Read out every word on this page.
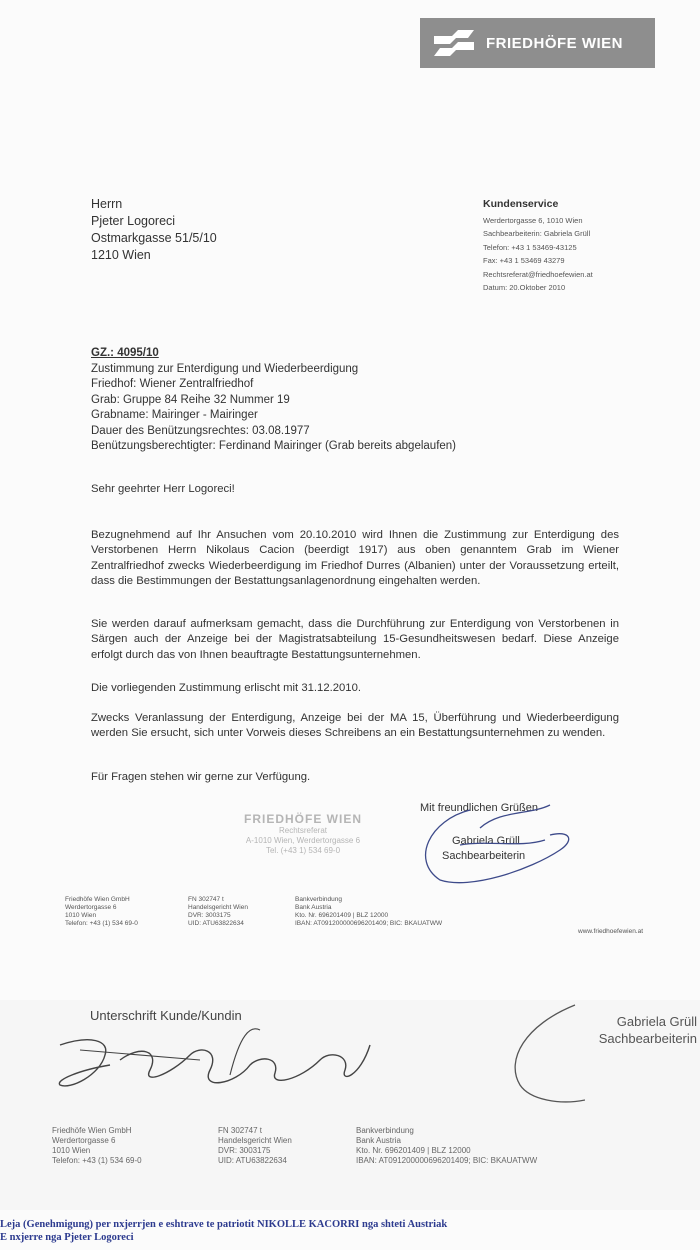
FRIEDHÖFE WIEN
Herrn
Pjeter Logoreci
Ostmarkgasse 51/5/10
1210 Wien
Kundenservice
Werdertorgasse 6, 1010 Wien
Sachbearbeiterin: Gabriela Grüll
Telefon: +43 1 53469-43125
Fax: +43 1 53469 43279
Rechtsreferat@friedhoefewien.at
Datum: 20.Oktober 2010
GZ.: 4095/10
Zustimmung zur Enterdigung und Wiederbeerdigung
Friedhof: Wiener Zentralfriedhof
Grab: Gruppe 84 Reihe 32 Nummer 19
Grabname: Mairinger - Mairinger
Dauer des Benützungsrechtes: 03.08.1977
Benützungsberechtigter: Ferdinand Mairinger (Grab bereits abgelaufen)
Sehr geehrter Herr Logoreci!
Bezugnehmend auf Ihr Ansuchen vom 20.10.2010 wird Ihnen die Zustimmung zur Enterdigung des Verstorbenen Herrn Nikolaus Cacion (beerdigt 1917) aus oben genanntem Grab im Wiener Zentralfriedhof zwecks Wiederbeerdigung im Friedhof Durres (Albanien) unter der Voraussetzung erteilt, dass die Bestimmungen der Bestattungsanlagenordnung eingehalten werden.
Sie werden darauf aufmerksam gemacht, dass die Durchführung zur Enterdigung von Verstorbenen in Särgen auch der Anzeige bei der Magistratsabteilung 15-Gesundheitswesen bedarf. Diese Anzeige erfolgt durch das von Ihnen beauftragte Bestattungsunternehmen.
Die vorliegenden Zustimmung erlischt mit 31.12.2010.
Zwecks Veranlassung der Enterdigung, Anzeige bei der MA 15, Überführung und Wiederbeerdigung werden Sie ersucht, sich unter Vorweis dieses Schreibens an ein Bestattungsunternehmen zu wenden.
Für Fragen stehen wir gerne zur Verfügung.
FRIEDHÖFE WIEN
Rechtsreferat
A-1010 Wien, Werdertorgasse 6
Tel. (+43 1) 534 69-0
Mit freundlichen Grüßen
Gabriela Grüll
Sachbearbeiterin
Friedhöfe Wien GmbH
Werdertorgasse 6
1010 Wien
Telefon: +43 (1) 534 69-0
FN 302747 t
Handelsgericht Wien
DVR: 3003175
UID: ATU63822634
Bankverbindung
Bank Austria
Kto. Nr. 696201409 | BLZ 12000
IBAN: AT091200000696201409; BIC: BKAUATWW
www.friedhoefewien.at
Unterschrift Kunde/Kundin	Gabriela Grüll
Sachbearbeiterin
Friedhöfe Wien GmbH
Werdertorgasse 6
1010 Wien
Telefon: +43 (1) 534 69-0
FN 302747 t
Handelsgericht Wien
DVR: 3003175
UID: ATU63822634
Bankverbindung
Bank Austria
Kto. Nr. 696201409 | BLZ 12000
IBAN: AT091200000696201409; BIC: BKAUATWW
Leja (Genehmigung) per nxjerrjen e eshtrave te patriotit NIKOLLE KACORRI nga shteti Austriak
E nxjerre nga Pjeter Logoreci
